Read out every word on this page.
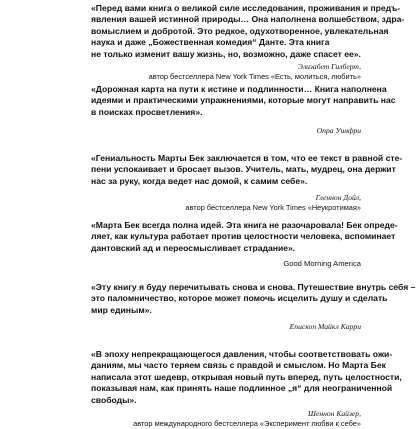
«Перед вами книга о великой силе исследования, проживания и предъ-
явления вашей истинной природы… Она наполнена волшебством, здра-
вомыслием и добротой. Это редкое, одухотворенное, увлекательная
наука и даже „Божественная комедия“ Данте. Эта книга
не только изменит вашу жизнь, но, возможно, даже спасет ее».

Элизабет Гилберт,

автор бестселлера New York Times «Есть, молиться, любить»

«Дорожная карта на пути к истине и подлинности… Книга наполнена
идеями и практическими упражнениями, которые могут направить нас
в поисках просветления».

Опра Уинфри

«Гениальность Марты Бек заключается в том, что ее текст в равной сте-
пени успокаивает и бросает вызов. Учитель, мать, мудрец, она держит
нас за руку, когда ведет нас домой, к самим себе».

Гленнон Дойл,

автор бестселлера New York Times «Неукротимая»

«Марта Бек всегда полна идей. Эта книга не разочаровала! Бек опреде-
ляет, как культура работает против целостности человека, вспоминает
дантовский ад и переосмысливает страдание».

Good Morning America

«Эту книгу я буду перечитывать снова и снова. Путешествие внутрь себя –
это паломничество, которое может помочь исцелить душу и сделать
мир единым».

Епископ Майкл Карри

«В эпоху непрекращающегося давления, чтобы соответствовать ожи-
даниям, мы часто теряем связь с правдой и смыслом. Но Марта Бек
написала этот шедевр, открывая новый путь вперед, путь целостности,
показывая нам, как принять наше подлинное „я“ для неограниченной
свободы».

Шеннон Кайзер,

автор международного бестселлера «Эксперимент любви к себе»
